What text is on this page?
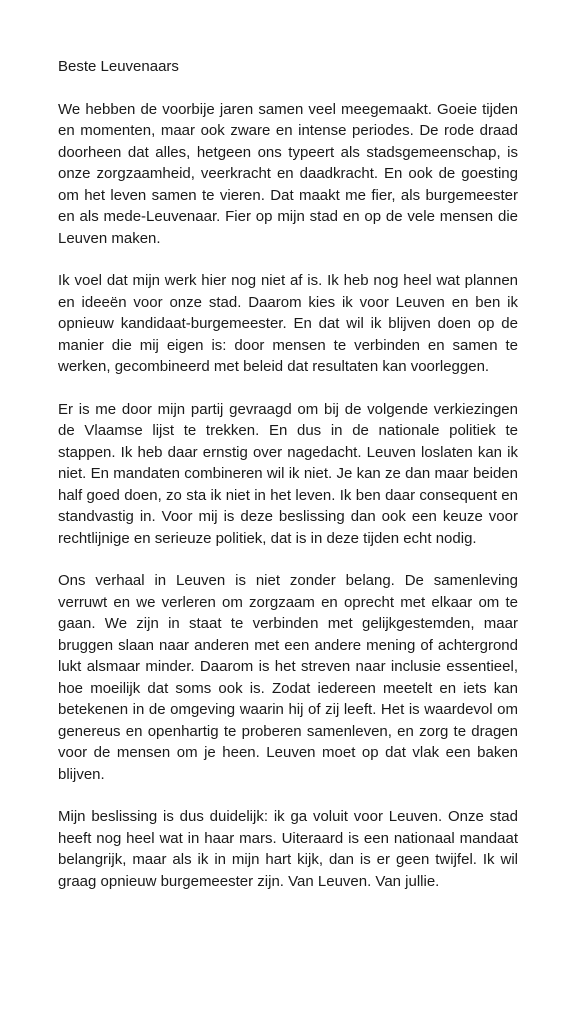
Beste Leuvenaars

We hebben de voorbije jaren samen veel meegemaakt. Goeie tijden en momenten, maar ook zware en intense periodes. De rode draad doorheen dat alles, hetgeen ons typeert als stadsgemeenschap, is onze zorgzaamheid, veerkracht en daadkracht. En ook de goesting om het leven samen te vieren. Dat maakt me fier, als burgemeester en als mede-Leuvenaar. Fier op mijn stad en op de vele mensen die Leuven maken.

Ik voel dat mijn werk hier nog niet af is. Ik heb nog heel wat plannen en ideeën voor onze stad. Daarom kies ik voor Leuven en ben ik opnieuw kandidaat-burgemeester. En dat wil ik blijven doen op de manier die mij eigen is: door mensen te verbinden en samen te werken, gecombineerd met beleid dat resultaten kan voorleggen.

Er is me door mijn partij gevraagd om bij de volgende verkiezingen de Vlaamse lijst te trekken. En dus in de nationale politiek te stappen. Ik heb daar ernstig over nagedacht. Leuven loslaten kan ik niet. En mandaten combineren wil ik niet. Je kan ze dan maar beiden half goed doen, zo sta ik niet in het leven. Ik ben daar consequent en standvastig in. Voor mij is deze beslissing dan ook een keuze voor rechtlijnige en serieuze politiek, dat is in deze tijden echt nodig.

Ons verhaal in Leuven is niet zonder belang. De samenleving verruwt en we verleren om zorgzaam en oprecht met elkaar om te gaan. We zijn in staat te verbinden met gelijkgestemden, maar bruggen slaan naar anderen met een andere mening of achtergrond lukt alsmaar minder. Daarom is het streven naar inclusie essentieel, hoe moeilijk dat soms ook is. Zodat iedereen meetelt en iets kan betekenen in de omgeving waarin hij of zij leeft. Het is waardevol om genereus en openhartig te proberen samenleven, en zorg te dragen voor de mensen om je heen. Leuven moet op dat vlak een baken blijven.

Mijn beslissing is dus duidelijk: ik ga voluit voor Leuven. Onze stad heeft nog heel wat in haar mars. Uiteraard is een nationaal mandaat belangrijk, maar als ik in mijn hart kijk, dan is er geen twijfel. Ik wil graag opnieuw burgemeester zijn. Van Leuven. Van jullie.
